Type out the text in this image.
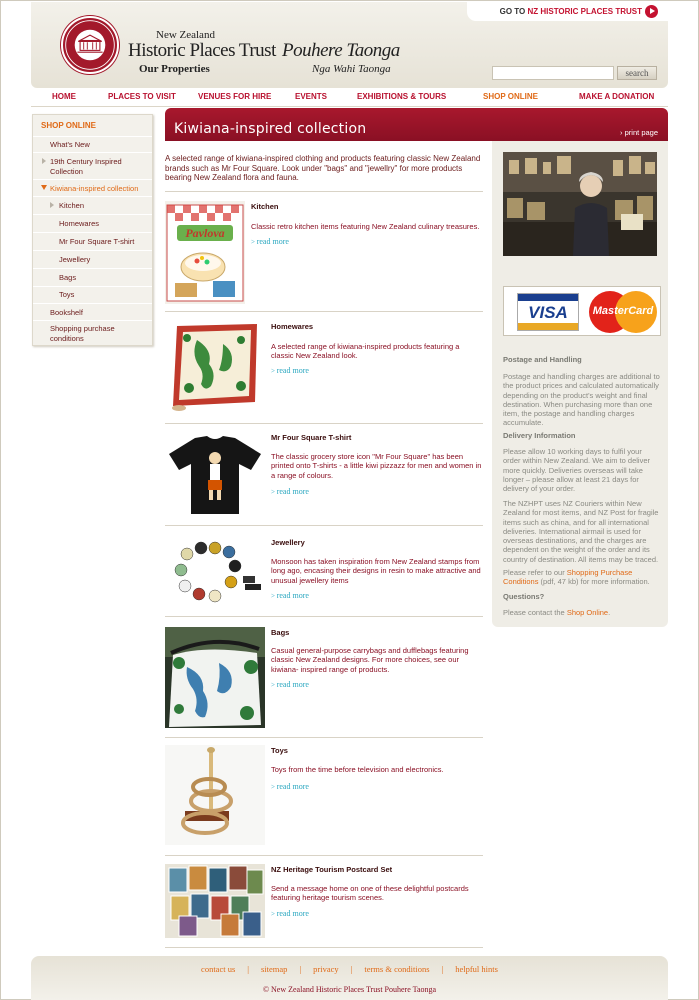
New Zealand
Historic Places Trust
Our Properties
Pouhere Taonga
Nga Wahi Taonga
GO TO
NZ HISTORIC PLACES TRUST
search
HOME	PLACES TO VISIT	VENUES FOR HIRE	EVENTS	EXHIBITIONS & TOURS	SHOP ONLINE	MAKE A DONATION
SHOP ONLINE
What's New
19th Century Inspired Collection
Kiwiana-inspired collection
Kitchen
Homewares
Mr Four Square T-shirt
Jewellery
Bags
Toys
Bookshelf
Shopping purchase conditions
Kiwiana-inspired collection	› print page
A selected range of kiwiana-inspired clothing and products featuring classic New Zealand brands such as Mr Four Square. Look under "bags" and "jewellry" for more products bearing New Zealand flora and fauna.
Pavlova
Kitchen
Classic retro kitchen items featuring New Zealand culinary treasures.
> read more
Homewares
A selected range of kiwiana-inspired products featuring a classic New Zealand look.
> read more
Mr Four Square T-shirt
The classic grocery store icon "Mr Four Square" has been printed onto T-shirts - a little kiwi pizzazz for men and women in a range of colours.
> read more
Jewellery
Monsoon has taken inspiration from New Zealand stamps from long ago, encasing their designs in resin to make attractive and unusual jewellery items
> read more
Bags
Casual general-purpose carrybags and dufflebags featuring classic New Zealand designs. For more choices, see our kiwiana- inspired range of products.
> read more
Toys
Toys from the time before television and electronics.
> read more
NZ Heritage Tourism Postcard Set
Send a message home on one of these delightful postcards featuring heritage tourism scenes.
> read more
VISA	MasterCard
Postage and Handling
Postage and handling charges are additional to the product prices and calculated automatically depending on the product's weight and final destination. When purchasing more than one item, the postage and handling charges accumulate.
Delivery Information
Please allow 10 working days to fulfil your order within New Zealand. We aim to deliver more quickly. Deliveries overseas will take longer – please allow at least 21 days for delivery of your order.
The NZHPT uses NZ Couriers within New Zealand for most items, and NZ Post for fragile items such as china, and for all international deliveries. International airmail is used for overseas destinations, and the charges are dependent on the weight of the order and its country of destination. All items may be traced.
Please refer to our Shopping Purchase Conditions (pdf, 47 kb) for more information.
Questions?
Please contact the Shop Online.
contact us | sitemap | privacy | terms & conditions | helpful hints
© New Zealand Historic Places Trust Pouhere Taonga
